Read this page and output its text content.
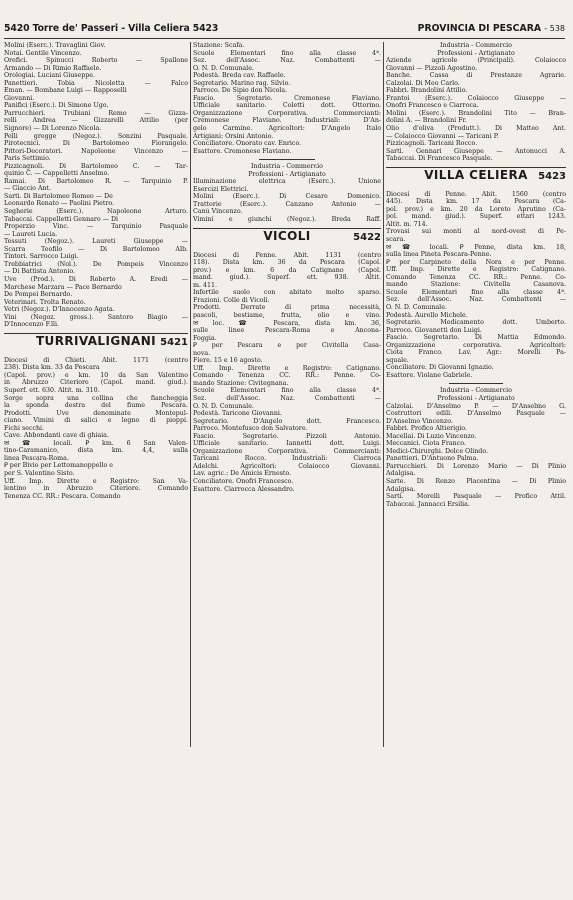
5420 Torre de' Passeri - Villa Celiera 5423	PROVINCIA DI PESCARA - 538
Molini (Eserc.). Travaglini Giov.
Notai. Gentile Vincenzo.
Orefici. Spinucci Roberto — Spallone
Armando — Di Rimio Raffaele.
Orologiai. Luciani Giuseppe.
Panettieri. Tobia Nicoletta — Falco
Eman. — Bombane Luigi — Rapposelli
Giovanni.
Panifici (Eserc.). Di Simone Ugo.
Parrucchieri. Trubiani Remo — Gizza-
relli Andrea — Gizzarelli Attilio (per
Signore) — Di Lorenzo Nicola.
Pelli gregge (Negoz.). Sonzini Pasquale.
Pirotecnici. Di Bartolomeo Fiorangelo.
Pittori-Decoratori. Napoleone Vincenzo —
Paris Settimio.
Pizzicagnoli. Di Bartolomeo C. — Tar-
quinio C. — Cappelletti Anselmo.
Ramai. Di Bartolomeo R. — Tarquinio P.
— Giaccio Ant.
Sarti. Di Bartolomeo Romeo — De
Leonardo Renato — Paolini Pietro.
Segherie (Eserc.). Napoleone Arturo.
Tabaccai. Cappelletti Gennaro — Di
Properzio Vinc. — Tarquinio Pasquale
— Laureti Lucia.
Tessuti (Negoz.). Laureti Giuseppe —
Scarra Teofilo — Di Bartolomeo Alb.
Tintori. Sarrocco Luigi.
Trebbiatrici (Nol.). De Pompeis Vincenzo
— Di Battista Antonio.
Uve (Prod.). Di Roberto A. Eredi —
Marchese Marzara — Pace Bernardo
De Pompei Bernardo.
Veterinari. Trolta Renato.
Vetri (Negoz.). D'Innocenzo Agata.
Vini (Negoz. gross.). Santoro Biagio —
D'Innocenzo F.lli.
TURRIVALIGNANI 5421
Diocesi di Chieti. Abit. 1171 (centro
238). Dista km. 33 da Pescara
(Capol. prov.) e km. 10 da San Valentino
in Abruzzo Citeriore (Capol. mand. giud.).
Superf. ett. 630. Altit. m. 310.
Sorge sopra una collina che fiancheggia
la sponda destra del fiume Pescara.
Prodotti. Uve denominate Montepul-
ciano. Vimini di salici e legno di pioppi.
Fichi secchi.
Cave. Abbondanti cave di ghiaia.
✉ ☎ locali. Ꝑ km. 6 San Valen-
tino-Caramanico, dista km. 4,4, sulla
linea Pescara-Roma.
Ꝑ per Bivio per Lettomanoppello e
per S. Valentino Sisto.
Uff. Imp. Dirette e Registro: San Va-
lentino in Abruzzo Citeriore. Comando
Tenenza CC. RR.: Pescara. Comando
Stazione: Scafa.
Scuole Elementari fino alla classe 4ª.
Sez. dell'Assoc. Naz. Combattenti —
O. N. D. Comunale.
Podestà. Breda cav. Raffaele.
Segretario. Marino rag. Silvio.
Parroco. De Sipio don Nicola.
Fascio. Segretario. Cremonese Flaviano.
Ufficiale sanitario. Coletti dott. Ottorino.
Organizzazione Corporativa. Commercianti:
Cremonese Flaviano. Industriali: D'An-
gelo Carmine. Agricoltori: D'Angelo Italo
Artigiani: Orsini Antonio.
Conciliatore. Onorato cav. Enrico.
Esattore. Cremonese Flaviano.
Industria - Commercio
Professioni - Artigianato
Illuminazione elettrica (Eserc.). Unione
Esercizi Elettrici.
Molini (Eserc.). Di Cesare Domenico.
Trattorie (Eserc.). Canzano Antonio —
Canù Vincenzo.
Vimini e giunchi (Negoz.). Breda Raff.
VICOLI	5422
Diocesi di Penne. Abit. 1131 (centro
118). Dista km. 36 da Pescara (Capol.
prov.) e km. 6 da Catignano (Capol.
mand. giud.). Superf. ett. 938. Altit.
m. 411.
Infertile suolo con abitato molto sparso.
Frazioni. Colle di Vicoli.
Prodotti. Derrate di prima necessità,
pascoli, bestiame, frutta, olio e vino.
✉ loc. ☎ Pescara, dista km. 36,
sulle linee Pescara-Roma e Ancona-
Foggia.
Ꝑ per Pescara e per Civitella Casa-
nova.
Fiere. 15 e 16 agosto.
Uff. Imp. Dirette e Registro: Catignano.
Comando Tenenza CC. RR.: Penne. Co-
mando Stazione: Civitegnana.
Scuole Elementari fino alla classe 4ª.
Sez. dell'Assoc. Naz. Combattenti —
O. N. D. Comunale.
Podestà. Taricone Giovanni.
Segretario. D'Angelo dott. Francesco.
Parroco. Montefusco don Salvatore.
Fascio. Segretario. Pizzoli Antonio.
Ufficiale sanitario. Iannetti dott. Luigi.
Organizzazione Corporativa. Commercianti:
Taricani Rocco. Industriali: Ciarroca
Adelchi. Agricoltori: Colaiocco Giovanni.
Lav. agric.: De Amicis Ernesto.
Conciliatore. Onofri Francesco.
Esattore. Ciarrocca Alessandro.
Industria - Commercio
Professioni - Artigianato
Aziende agricole (Principali). Colaiocco
Giovanni — Pizzoli Agostino.
Banche. Cassa di Prestanze Agrarie.
Calzolai. Di Meo Carlo.
Fabbri. Brandolini Attilio.
Frantoi (Eserc.). Colaiocco Giuseppe —
Onofri Francesco e Ciarroca.
Molini (Eserc.). Brandolini Tito — Bran-
dolini A. — Brandolini Fr.
Olio d'oliva (Produtt.). Di Matteo Ant.
— Colaiocco Giovanni — Taricani P.
Pizzicagnoli. Taricani Rocco.
Sarti. Gennari Giuseppe — Antonucci A.
Tabaccai. Di Francesco Pasquale.
VILLA CELIERA	5423
Diocesi di Penne. Abit. 1560 (centro
445). Dista km. 17 da Pescara (Ca-
pol. prov.) e km. 20 da Loreto Aprutino (Ca-
pol. mand. giud.). Superf. ettari 1243.
Altit. m. 714.
Trovasi sui monti al nord-ovest di Pe-
scara.
✉ ☎ locali. Ꝑ Penne, dista km. 18,
sulla linea Pineta Pescara-Penne.
Ꝑ per Carpineto della Nora e per Penne.
Uff. Imp. Dirette e Registro: Catignano.
Comando Tenenza CC. RR.: Penne. Co-
mando Stazione: Civitella Casanova.
Scuole Elementari fino alla classe 4ª.
Sez. dell'Assoc. Naz. Combattenti —
O. N. D. Comunale.
Podestà. Aurello Michele.
Segretario. Medicamento dott. Umberto.
Parroco. Giovanetti don Luigi.
Fascio. Segretario. Di Mattia Edmondo.
Organizzazione corporativa. Agricoltori:
Ciota Franco. Lav. Agr.: Morelli Pa-
squale.
Conciliatore. Di Giovanni Ignazio.
Esattore. Violane Gabriele.
Industria - Commercio
Professioni - Artigianato
Calzolai. D'Anselmo P. — D'Anselmo G.
Costruttori edili. D'Anselmo Pasquale —
D'Anselmo Vincenzo.
Fabbri. Profico Altierigio.
Macellai. Di Luzio Vincenzo.
Meccanici. Ciota Franco.
Medici-Chirurghi. Dolce Olindo.
Panettieri. D'Antuono Palma.
Parrucchieri. Di Lorenzo Mario — Di Plinio
Adalgisa.
Sarte. Di Renzo Placentina — Di Plinio
Adalgisa.
Sarti. Morelli Pasquale — Profico Attil.
Tabaccai. Jannacci Ersilia.
